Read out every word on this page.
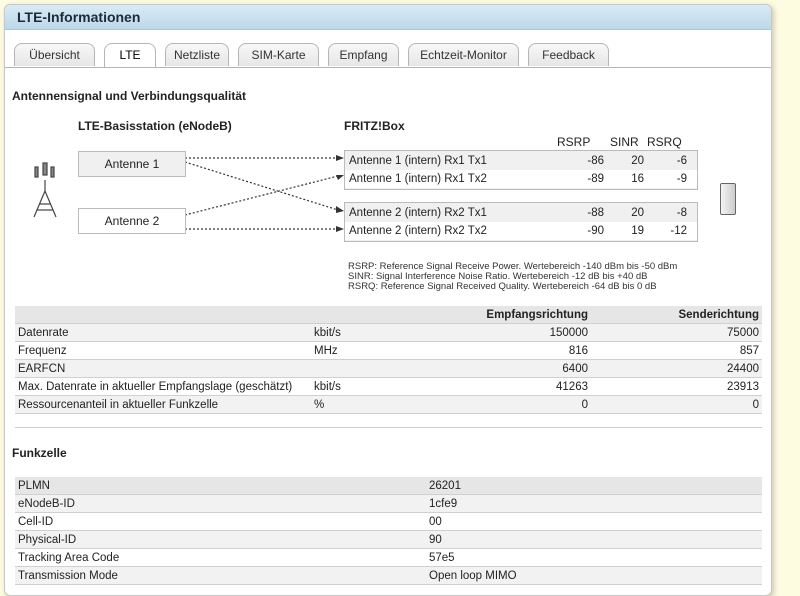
LTE-Informationen
Übersicht	LTE	Netzliste	SIM-Karte	Empfang	Echtzeit-Monitor	Feedback
Antennensignal und Verbindungsqualität
LTE-Basisstation (eNodeB)	FRITZ!Box
RSRP SINR RSRQ
Antenne 1
Antenne 2
Antenne 1 (intern) Rx1 Tx1	-86 20	-6
Antenne 1 (intern) Rx1 Tx2	-89 16	-9
Antenne 2 (intern) Rx2 Tx1	-88 20	-8
Antenne 2 (intern) Rx2 Tx2	-90 19 -12
RSRP: Reference Signal Receive Power. Wertebereich -140 dBm bis -50 dBm
SINR: Signal Interference Noise Ratio. Wertebereich -12 dB bis +40 dB
RSRQ: Reference Signal Received Quality. Wertebereich -64 dB bis 0 dB
		Empfangsrichtung	Senderichtung
Datenrate	kbit/s	150000	75000
Frequenz	MHz	816	857
EARFCN		6400	24400
Max. Datenrate in aktueller Empfangslage (geschätzt)	kbit/s	41263	23913
Ressourcenanteil in aktueller Funkzelle	%	0	0
Funkzelle
PLMN	26201
eNodeB-ID	1cfe9
Cell-ID	00
Physical-ID	90
Tracking Area Code	57e5
Transmission Mode	Open loop MIMO
